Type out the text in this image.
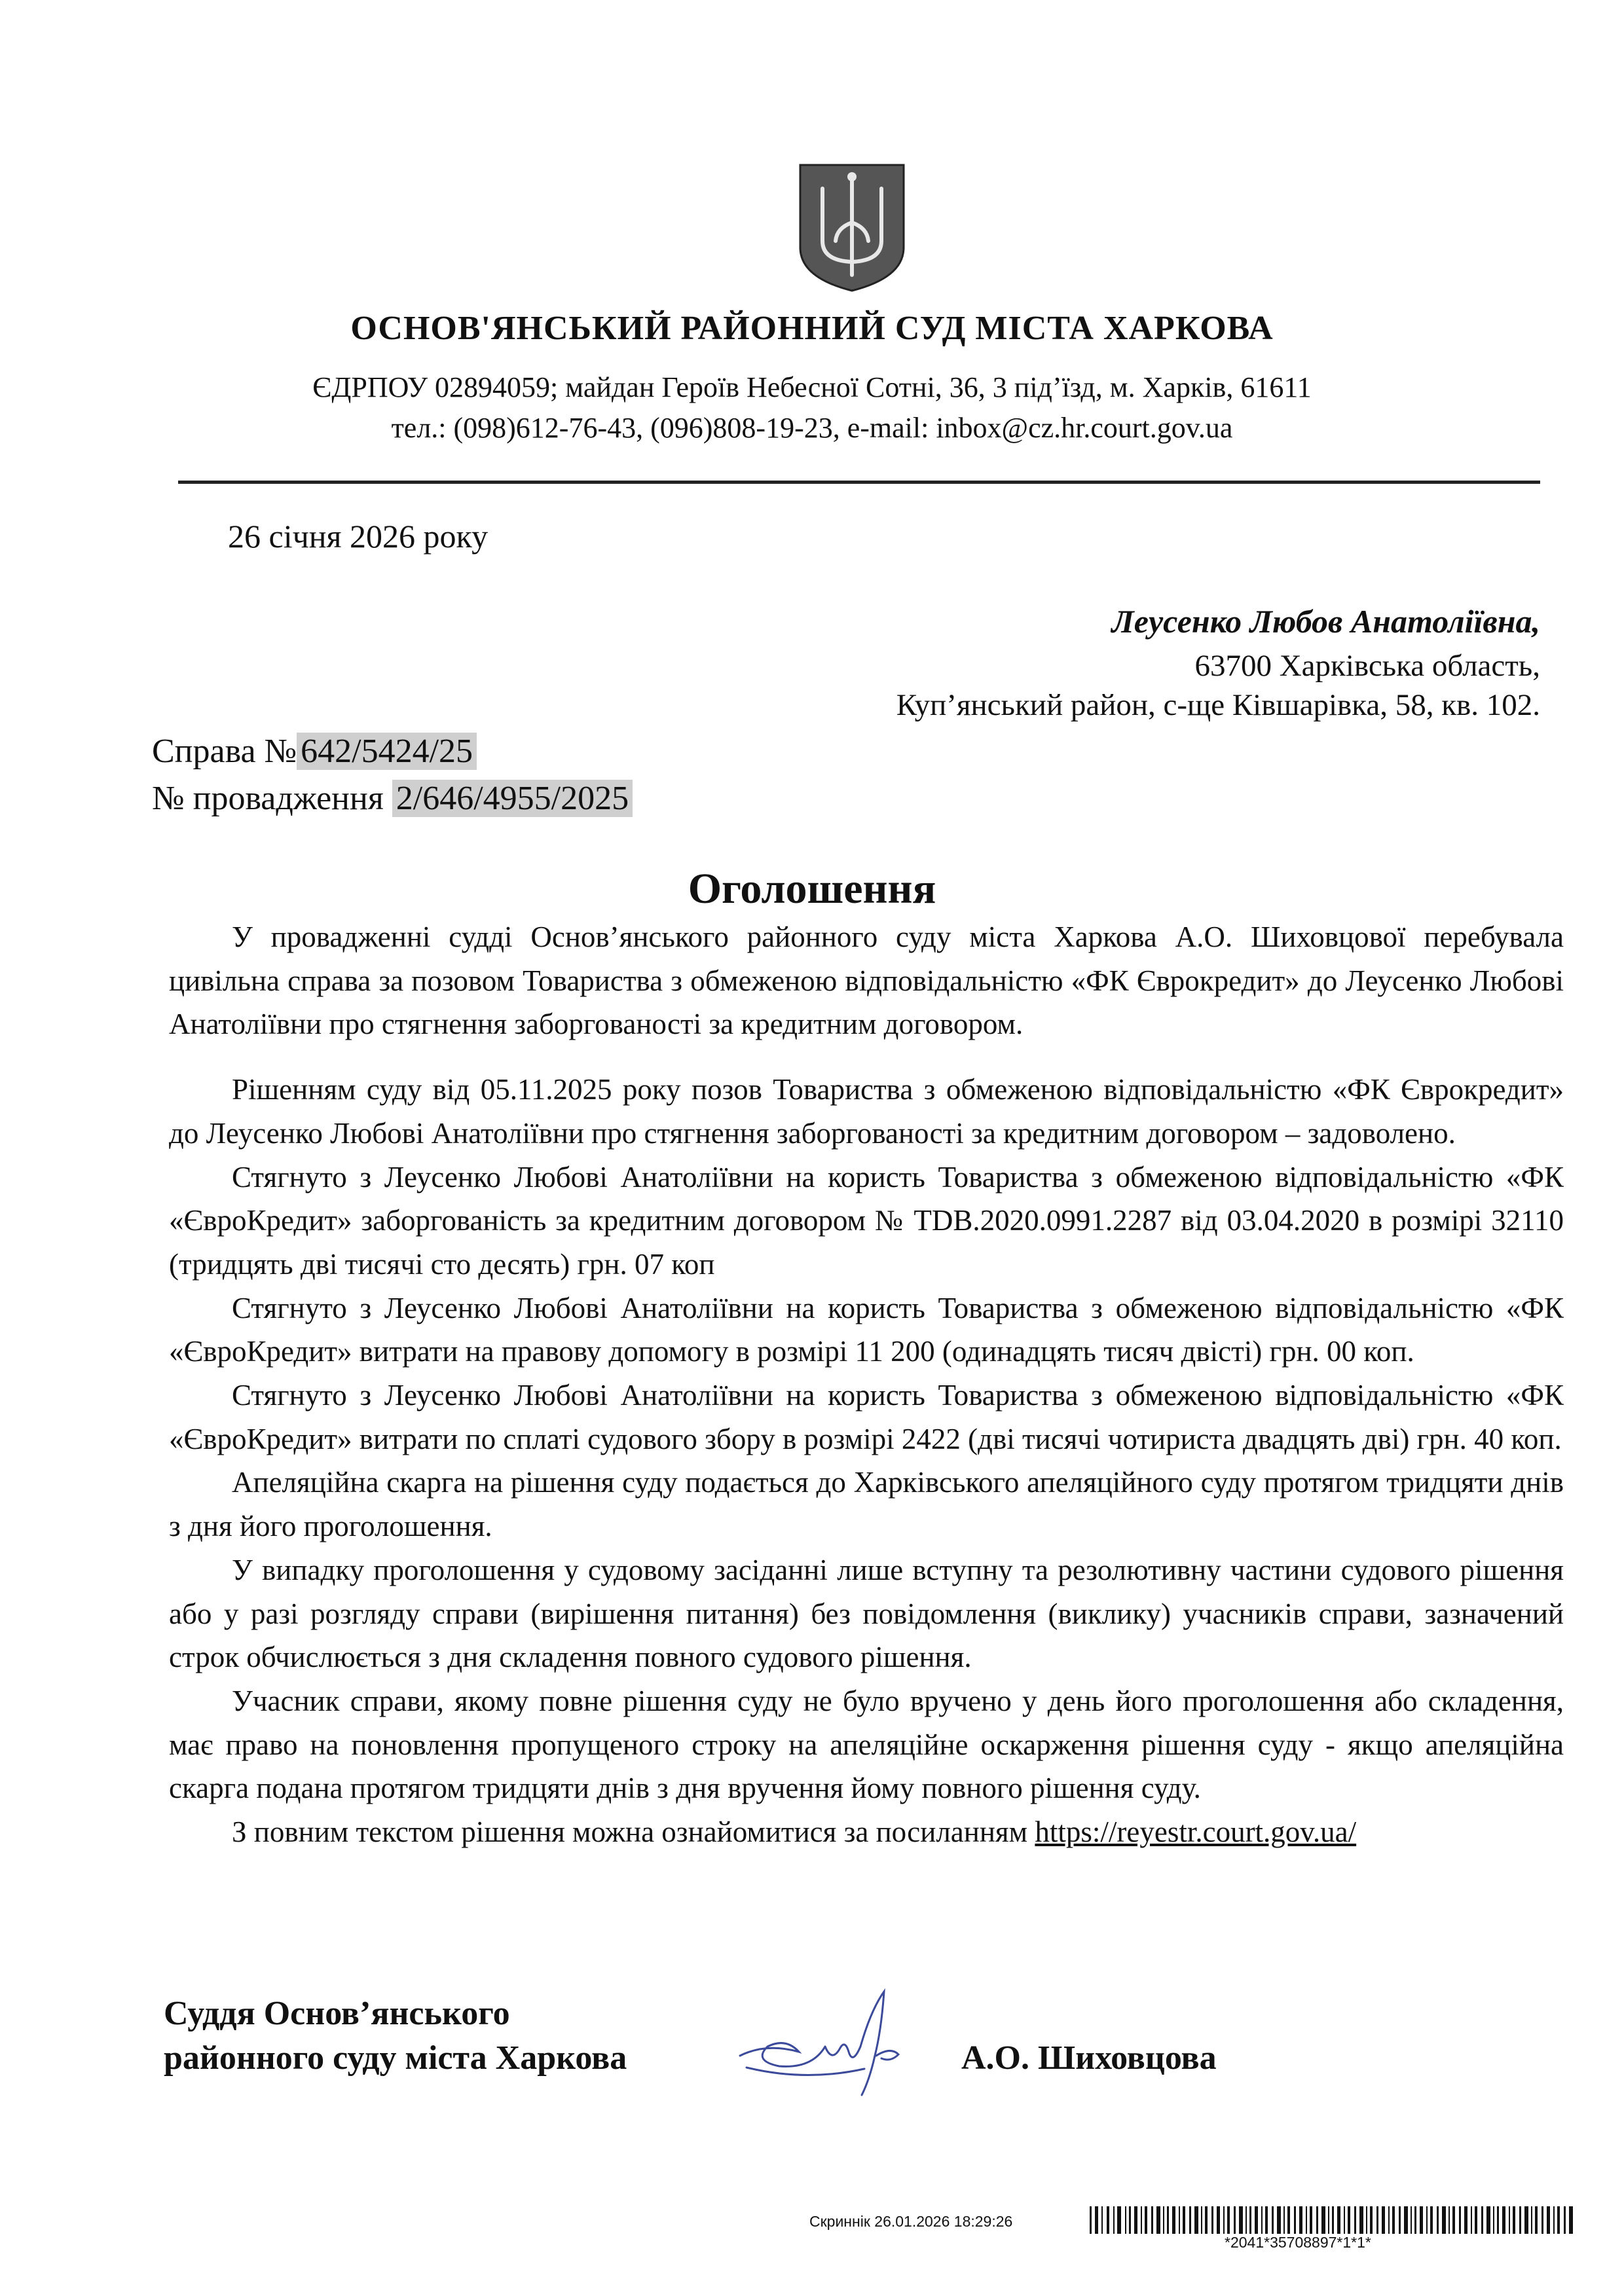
ОСНОВ'ЯНСЬКИЙ РАЙОННИЙ СУД МІСТА ХАРКОВА
ЄДРПОУ 02894059; майдан Героїв Небесної Сотні, 36, 3 під’їзд, м. Харків, 61611
тел.: (098)612-76-43, (096)808-19-23, e-mail: inbox@cz.hr.court.gov.ua
26 січня 2026 року
Леусенко Любов Анатоліївна,
63700 Харківська область,
Куп’янський район, с-ще Ківшарівка, 58, кв. 102.
Справа № 642/5424/25
№ провадження 2/646/4955/2025
Оголошення

У провадженні судді Основ’янського районного суду міста Харкова А.О. Шиховцової перебувала цивільна справа за позовом Товариства з обмеженою відповідальністю «ФК Єврокредит» до Леусенко Любові Анатоліївни про стягнення заборгованості за кредитним договором.

Рішенням суду від 05.11.2025 року позов Товариства з обмеженою відповідальністю «ФК Єврокредит» до Леусенко Любові Анатоліївни про стягнення заборгованості за кредитним договором – задоволено.

Стягнуто з Леусенко Любові Анатоліївни на користь Товариства з обмеженою відповідальністю «ФК «ЄвроКредит» заборгованість за кредитним договором № TDB.2020.0991.2287 від 03.04.2020 в розмірі 32110 (тридцять дві тисячі сто десять) грн. 07 коп

Стягнуто з Леусенко Любові Анатоліївни на користь Товариства з обмеженою відповідальністю «ФК «ЄвроКредит» витрати на правову допомогу в розмірі 11 200 (одинадцять тисяч двісті) грн. 00 коп.

Стягнуто з Леусенко Любові Анатоліївни на користь Товариства з обмеженою відповідальністю «ФК «ЄвроКредит» витрати по сплаті судового збору в розмірі 2422 (дві тисячі чотириста двадцять дві) грн. 40 коп.

Апеляційна скарга на рішення суду подається до Харківського апеляційного суду протягом тридцяти днів з дня його проголошення.

У випадку проголошення у судовому засіданні лише вступну та резолютивну частини судового рішення або у разі розгляду справи (вирішення питання) без повідомлення (виклику) учасників справи, зазначений строк обчислюється з дня складення повного судового рішення.

Учасник справи, якому повне рішення суду не було вручено у день його проголошення або складення, має право на поновлення пропущеного строку на апеляційне оскарження рішення суду - якщо апеляційна скарга подана протягом тридцяти днів з дня вручення йому повного рішення суду.

З повним текстом рішення можна ознайомитися за посиланням https://reyestr.court.gov.ua/

Суддя Основ’янського
районного суду міста Харкова	А.О. Шиховцова
Скриннік 26.01.2026 18:29:26
*2041*35708897*1*1*
